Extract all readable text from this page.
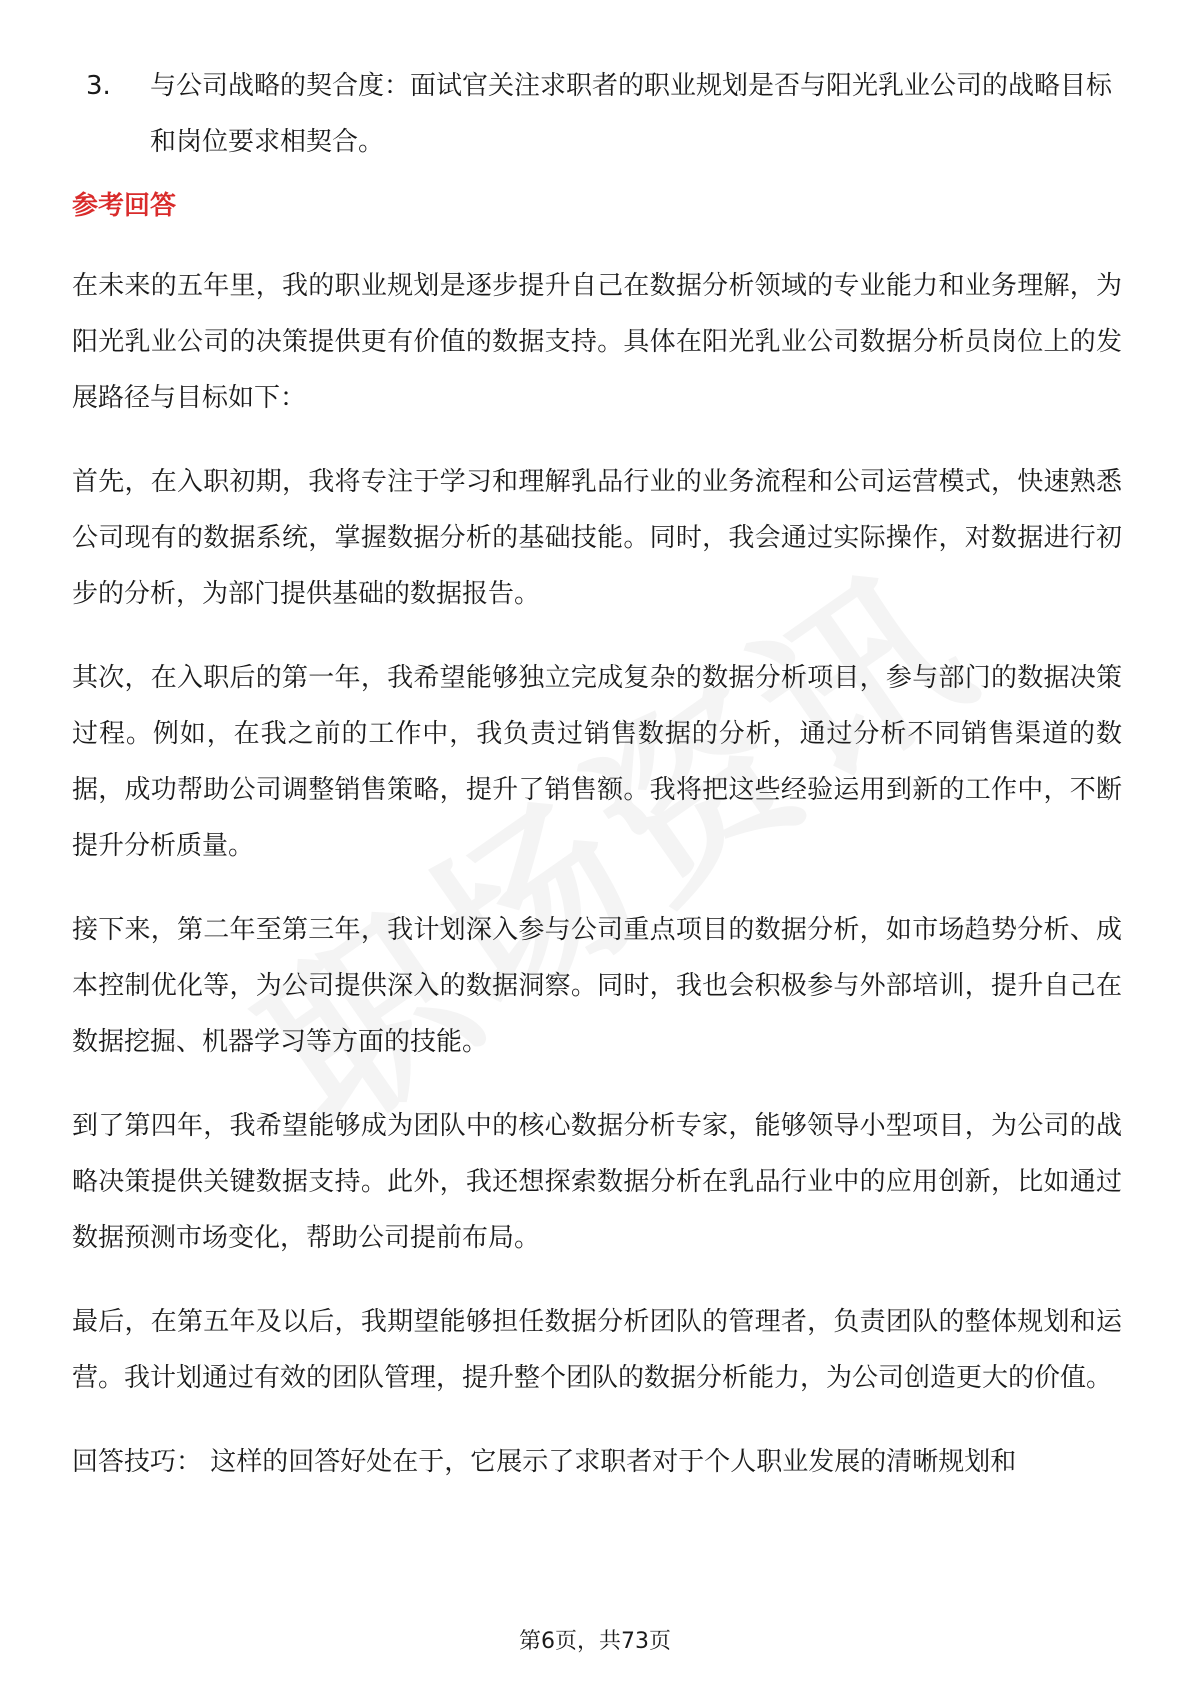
3.	与公司战略的契合度：面试官关注求职者的职业规划是否与阳光乳业公司的战略目标和岗位要求相契合。
参考回答

在未来的五年里，我的职业规划是逐步提升自己在数据分析领域的专业能力和业务理解，为阳光乳业公司的决策提供更有价值的数据支持。具体在阳光乳业公司数据分析员岗位上的发展路径与目标如下：

首先，在入职初期，我将专注于学习和理解乳品行业的业务流程和公司运营模式，快速熟悉公司现有的数据系统，掌握数据分析的基础技能。同时，我会通过实际操作，对数据进行初步的分析，为部门提供基础的数据报告。

其次，在入职后的第一年，我希望能够独立完成复杂的数据分析项目，参与部门的数据决策过程。例如，在我之前的工作中，我负责过销售数据的分析，通过分析不同销售渠道的数据，成功帮助公司调整销售策略，提升了销售额。我将把这些经验运用到新的工作中，不断提升分析质量。

接下来，第二年至第三年，我计划深入参与公司重点项目的数据分析，如市场趋势分析、成本控制优化等，为公司提供深入的数据洞察。同时，我也会积极参与外部培训，提升自己在数据挖掘、机器学习等方面的技能。

到了第四年，我希望能够成为团队中的核心数据分析专家，能够领导小型项目，为公司的战略决策提供关键数据支持。此外，我还想探索数据分析在乳品行业中的应用创新，比如通过数据预测市场变化，帮助公司提前布局。

最后，在第五年及以后，我期望能够担任数据分析团队的管理者，负责团队的整体规划和运营。我计划通过有效的团队管理，提升整个团队的数据分析能力，为公司创造更大的价值。

回答技巧： 这样的回答好处在于，它展示了求职者对于个人职业发展的清晰规划和

第6页，共73页
